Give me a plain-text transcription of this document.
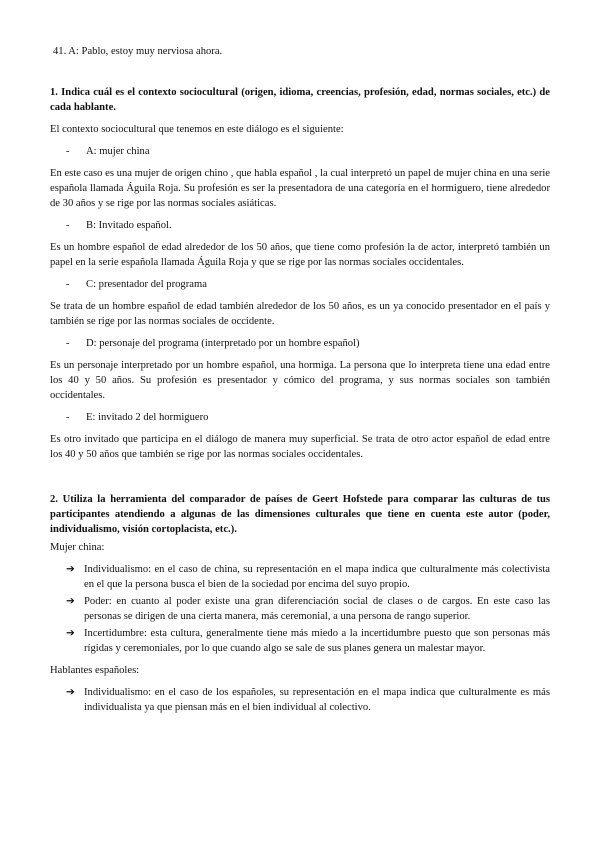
41. A: Pablo, estoy muy nerviosa ahora.

1. Indica cuál es el contexto sociocultural (origen, idioma, creencias, profesión, edad, normas sociales, etc.) de cada hablante.

El contexto sociocultural que tenemos en este diálogo es el siguiente:

- A: mujer china

En este caso es una mujer de origen chino , que habla español , la cual interpretó un papel de mujer china en una serie española llamada Águila Roja. Su profesión es ser la presentadora de una categoría en el hormiguero, tiene alrededor de 30 años y se rige por las normas sociales asiáticas.

- B: Invitado español.

Es un hombre español de edad alrededor de los 50 años, que tiene como profesión la de actor, interpretó también un papel en la serie española llamada Águila Roja y que se rige por las normas sociales occidentales.

- C: presentador del programa

Se trata de un hombre español de edad también alrededor de los 50 años, es un ya conocido presentador en el país y también se rige por las normas sociales de occidente.

- D: personaje del programa (interpretado por un hombre español)

Es un personaje interpretado por un hombre español, una hormiga. La persona que lo interpreta tiene una edad entre los 40 y 50 años. Su profesión es presentador y cómico del programa, y sus normas sociales son también occidentales.

- E: invitado 2 del hormiguero

Es otro invitado que participa en el diálogo de manera muy superficial. Se trata de otro actor español de edad entre los 40 y 50 años que también se rige por las normas sociales occidentales.

2. Utiliza la herramienta del comparador de países de Geert Hofstede para comparar las culturas de tus participantes atendiendo a algunas de las dimensiones culturales que tiene en cuenta este autor (poder, individualismo, visión cortoplacista, etc.).

Mujer china:

➔ Individualismo: en el caso de china, su representación en el mapa indica que culturalmente más colectivista en el que la persona busca el bien de la sociedad por encima del suyo propio.

➔ Poder: en cuanto al poder existe una gran diferenciación social de clases o de cargos. En este caso las personas se dirigen de una cierta manera, más ceremonial, a una persona de rango superior.

➔ Incertidumbre: esta cultura, generalmente tiene más miedo a la incertidumbre puesto que son personas más rígidas y ceremoniales, por lo que cuando algo se sale de sus planes genera un malestar mayor.

Hablantes españoles:

➔ Individualismo: en el caso de los españoles, su representación en el mapa indica que culturalmente es más individualista ya que piensan más en el bien individual al colectivo.
